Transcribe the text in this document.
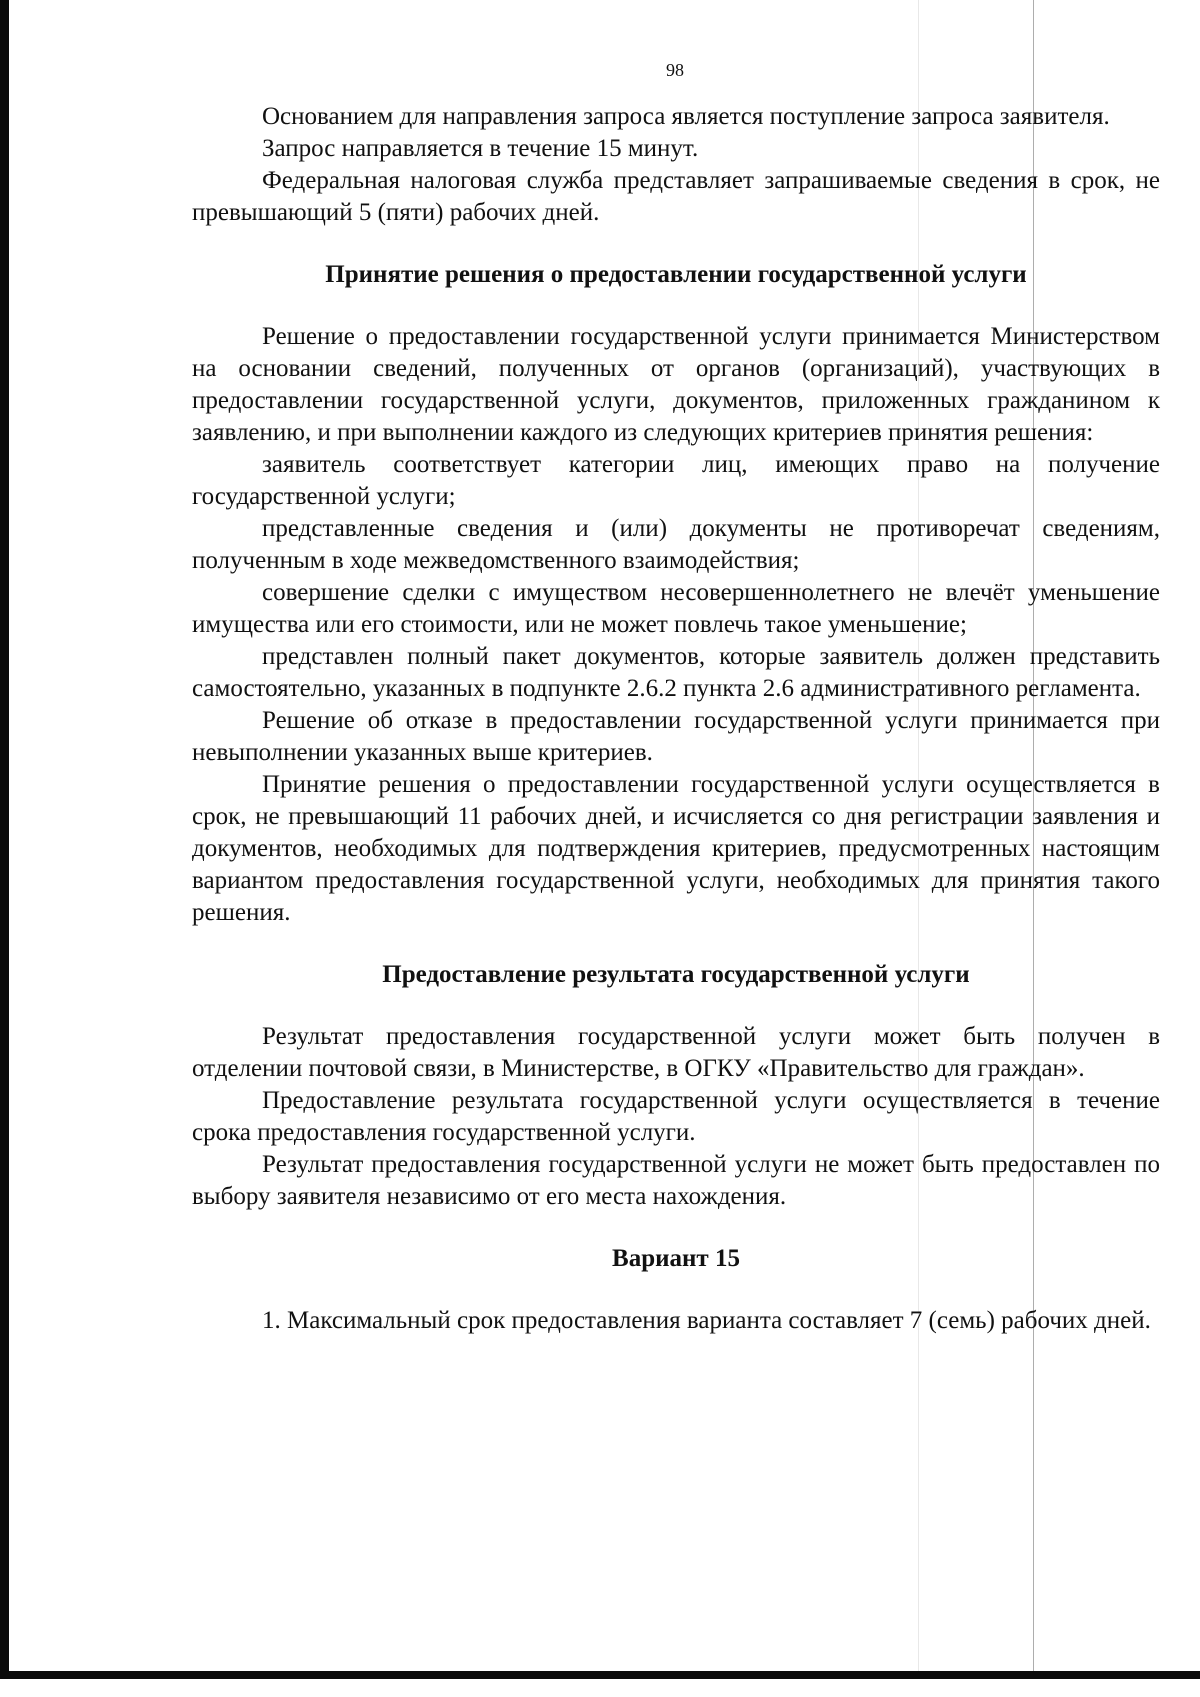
98

Основанием для направления запроса является поступление запроса заявителя.

Запрос направляется в течение 15 минут.

Федеральная налоговая служба представляет запрашиваемые сведения в срок, не превышающий 5 (пяти) рабочих дней.

Принятие решения о предоставлении государственной услуги

Решение о предоставлении государственной услуги принимается Министерством на основании сведений, полученных от органов (организаций), участвующих в предоставлении государственной услуги, документов, приложенных гражданином к заявлению, и при выполнении каждого из следующих критериев принятия решения:

заявитель соответствует категории лиц, имеющих право на получение государственной услуги;

представленные сведения и (или) документы не противоречат сведениям, полученным в ходе межведомственного взаимодействия;

совершение сделки с имуществом несовершеннолетнего не влечёт уменьшение имущества или его стоимости, или не может повлечь такое уменьшение;

представлен полный пакет документов, которые заявитель должен представить самостоятельно, указанных в подпункте 2.6.2 пункта 2.6 административного регламента.

Решение об отказе в предоставлении государственной услуги принимается при невыполнении указанных выше критериев.

Принятие решения о предоставлении государственной услуги осуществляется в срок, не превышающий 11 рабочих дней, и исчисляется со дня регистрации заявления и документов, необходимых для подтверждения критериев, предусмотренных настоящим вариантом предоставления государственной услуги, необходимых для принятия такого решения.

Предоставление результата государственной услуги

Результат предоставления государственной услуги может быть получен в отделении почтовой связи, в Министерстве, в ОГКУ «Правительство для граждан».

Предоставление результата государственной услуги осуществляется в течение срока предоставления государственной услуги.

Результат предоставления государственной услуги не может быть предоставлен по выбору заявителя независимо от его места нахождения.

Вариант 15

1. Максимальный срок предоставления варианта составляет 7 (семь) рабочих дней.
